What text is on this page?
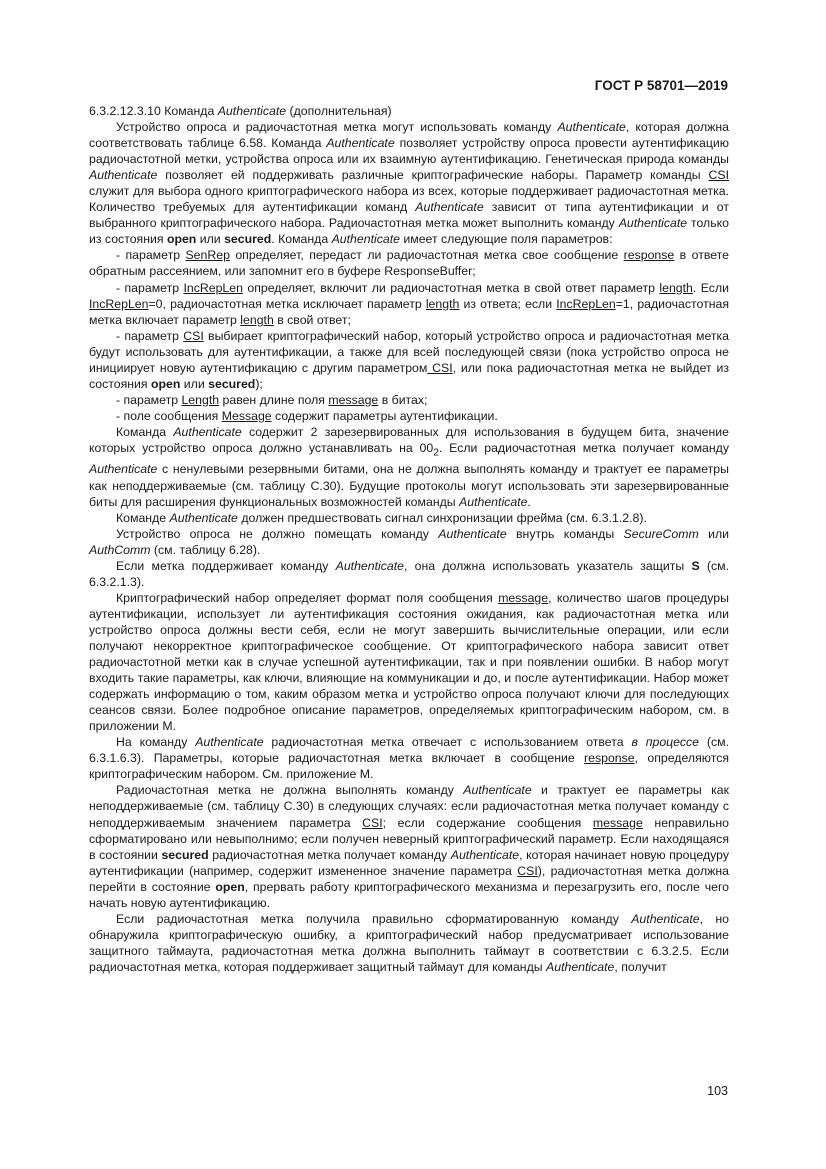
ГОСТ Р 58701—2019

6.3.2.12.3.10 Команда Authenticate (дополнительная)

Устройство опроса и радиочастотная метка могут использовать команду Authenticate, которая должна соответствовать таблице 6.58. Команда Authenticate позволяет устройству опроса провести аутентификацию радиочастотной метки, устройства опроса или их взаимную аутентификацию. Генетическая природа команды Authenticate позволяет ей поддерживать различные криптографические наборы. Параметр команды CSI служит для выбора одного криптографического набора из всех, которые поддерживает радиочастотная метка. Количество требуемых для аутентификации команд Authenticate зависит от типа аутентификации и от выбранного криптографического набора. Радиочастотная метка может выполнить команду Authenticate только из состояния open или secured. Команда Authenticate имеет следующие поля параметров:

- параметр SenRep определяет, передаст ли радиочастотная метка свое сообщение response в ответе обратным рассеянием, или запомнит его в буфере ResponseBuffer;

- параметр IncRepLen определяет, включит ли радиочастотная метка в свой ответ параметр length. Если IncRepLen=0, радиочастотная метка исключает параметр length из ответа; если IncRepLen=1, радиочастотная метка включает параметр length в свой ответ;

- параметр CSI выбирает криптографический набор, который устройство опроса и радиочастотная метка будут использовать для аутентификации, а также для всей последующей связи (пока устройство опроса не инициирует новую аутентификацию с другим параметром CSI, или пока радиочастотная метка не выйдет из состояния open или secured);

- параметр Length равен длине поля message в битах;

- поле сообщения Message содержит параметры аутентификации.

Команда Authenticate содержит 2 зарезервированных для использования в будущем бита, значение которых устройство опроса должно устанавливать на $00_2$. Если радиочастотная метка получает команду Authenticate с ненулевыми резервными битами, она не должна выполнять команду и трактует ее параметры как неподдерживаемые (см. таблицу С.30). Будущие протоколы могут использовать эти зарезервированные биты для расширения функциональных возможностей команды Authenticate.

Команде Authenticate должен предшествовать сигнал синхронизации фрейма (см. 6.3.1.2.8).

Устройство опроса не должно помещать команду Authenticate внутрь команды SecureComm или AuthComm (см. таблицу 6.28).

Если метка поддерживает команду Authenticate, она должна использовать указатель защиты S (см. 6.3.2.1.3).

Криптографический набор определяет формат поля сообщения message, количество шагов процедуры аутентификации, использует ли аутентификация состояния ожидания, как радиочастотная метка или устройство опроса должны вести себя, если не могут завершить вычислительные операции, или если получают некорректное криптографическое сообщение. От криптографического набора зависит ответ радиочастотной метки как в случае успешной аутентификации, так и при появлении ошибки. В набор могут входить такие параметры, как ключи, влияющие на коммуникации и до, и после аутентификации. Набор может содержать информацию о том, каким образом метка и устройство опроса получают ключи для последующих сеансов связи. Более подробное описание параметров, определяемых криптографическим набором, см. в приложении М.

На команду Authenticate радиочастотная метка отвечает с использованием ответа в процессе (см. 6.3.1.6.3). Параметры, которые радиочастотная метка включает в сообщение response, определяются криптографическим набором. См. приложение М.

Радиочастотная метка не должна выполнять команду Authenticate и трактует ее параметры как неподдерживаемые (см. таблицу С.30) в следующих случаях: если радиочастотная метка получает команду с неподдерживаемым значением параметра CSI; если содержание сообщения message неправильно сформатировано или невыполнимо; если получен неверный криптографический параметр. Если находящаяся в состоянии secured радиочастотная метка получает команду Authenticate, которая начинает новую процедуру аутентификации (например, содержит измененное значение параметра CSI), радиочастотная метка должна перейти в состояние open, прервать работу криптографического механизма и перезагрузить его, после чего начать новую аутентификацию.

Если радиочастотная метка получила правильно сформатированную команду Authenticate, но обнаружила криптографическую ошибку, а криптографический набор предусматривает использование защитного таймаута, радиочастотная метка должна выполнить таймаут в соответствии с 6.3.2.5. Если радиочастотная метка, которая поддерживает защитный таймаут для команды Authenticate, получит

103
